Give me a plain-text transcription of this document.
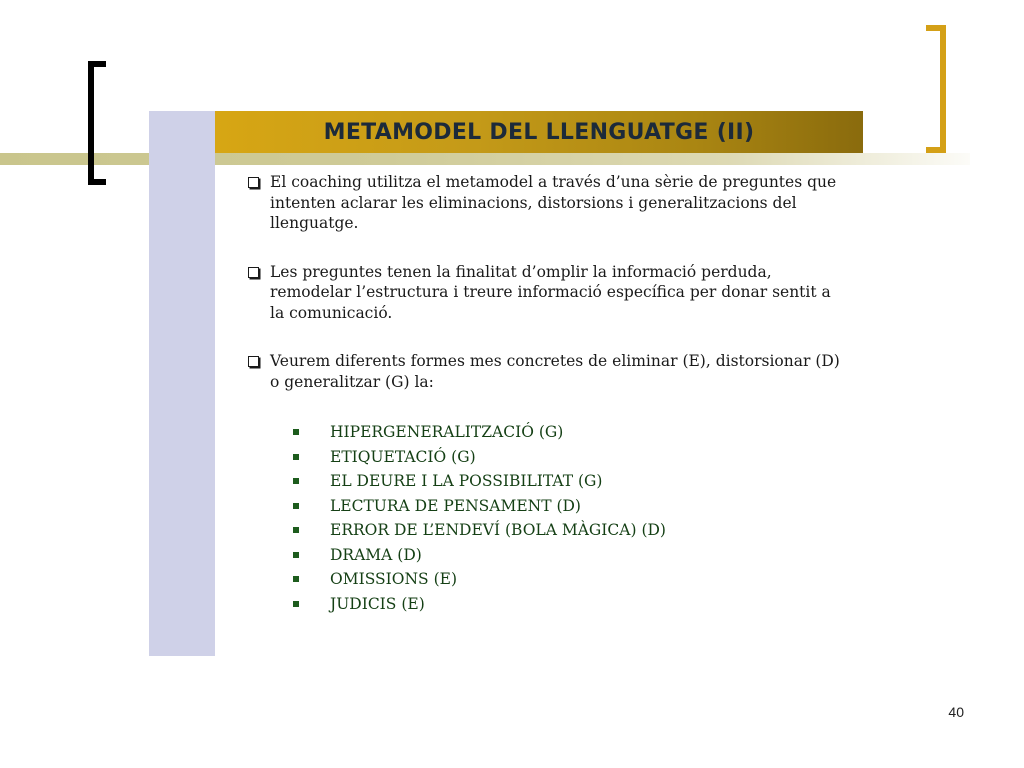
METAMODEL DEL LLENGUATGE (II)
El coaching utilitza el metamodel a través d’una sèrie de preguntes que intenten aclarar les eliminacions, distorsions i generalitzacions del llenguatge.
Les preguntes tenen la finalitat d’omplir la informació perduda, remodelar l’estructura i treure informació específica per donar sentit a la comunicació.
Veurem diferents formes mes concretes de eliminar (E), distorsionar (D) o generalitzar (G) la:
HIPERGENERALITZACIÓ (G)
ETIQUETACIÓ (G)
EL DEURE I LA POSSIBILITAT (G)
LECTURA DE PENSAMENT (D)
ERROR DE L’ENDEVÍ (BOLA MÀGICA) (D)
DRAMA (D)
OMISSIONS (E)
JUDICIS (E)
40
